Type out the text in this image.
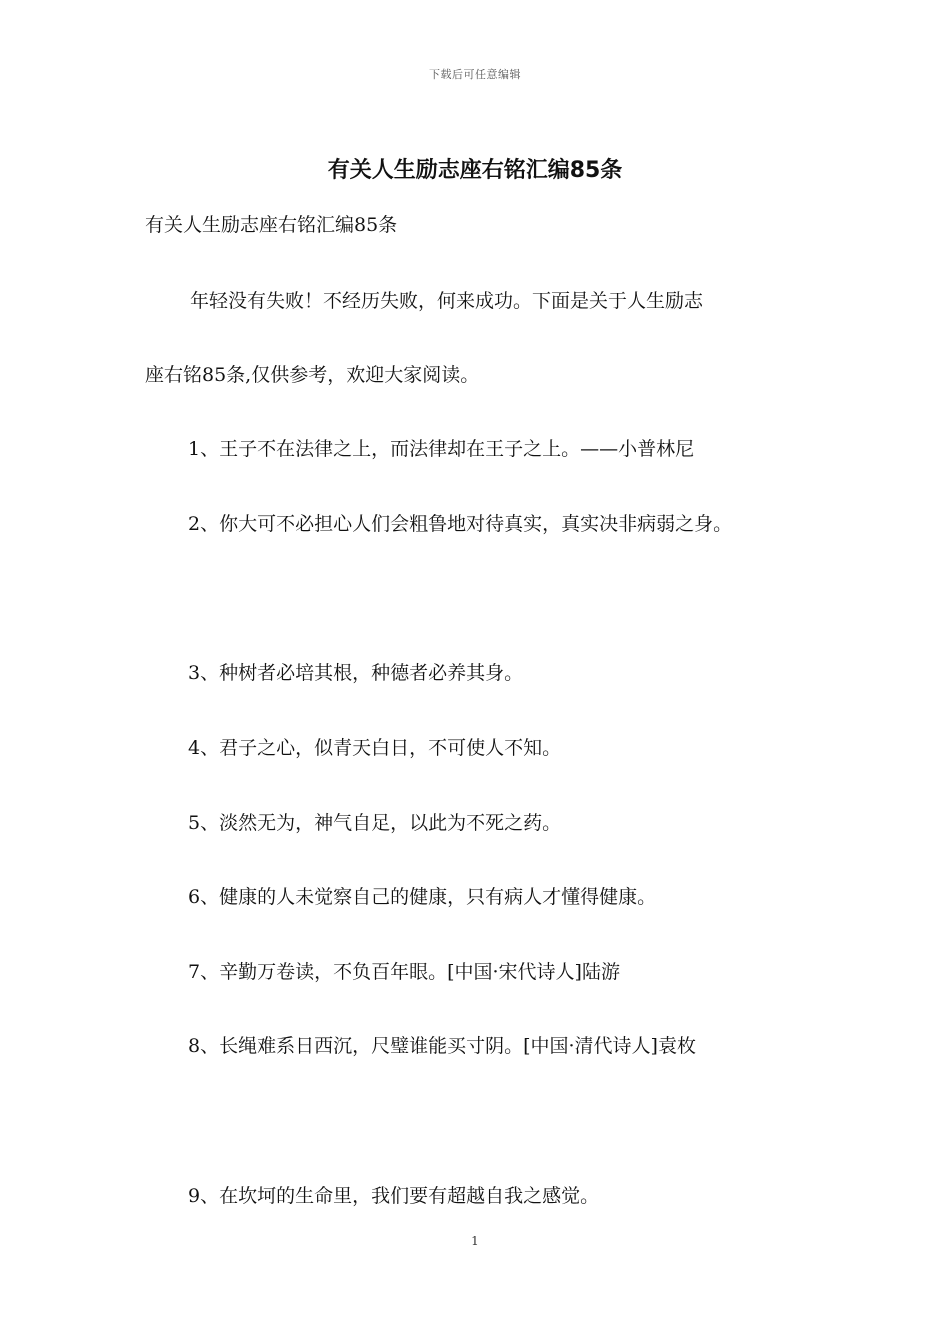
下载后可任意编辑
有关人生励志座右铭汇编85条
有关人生励志座右铭汇编85条
年轻没有失败！不经历失败，何来成功。下面是关于人生励志
座右铭85条,仅供参考，欢迎大家阅读。
1、王子不在法律之上，而法律却在王子之上。——小普林尼
2、你大可不必担心人们会粗鲁地对待真实，真实决非病弱之身。
3、种树者必培其根，种德者必养其身。
4、君子之心，似青天白日，不可使人不知。
5、淡然无为，神气自足，以此为不死之药。
6、健康的人未觉察自己的健康，只有病人才懂得健康。
7、辛勤万卷读，不负百年眼。[中国·宋代诗人]陆游
8、长绳难系日西沉，尺璧谁能买寸阴。[中国·清代诗人]袁枚
9、在坎坷的生命里，我们要有超越自我之感觉。
1
